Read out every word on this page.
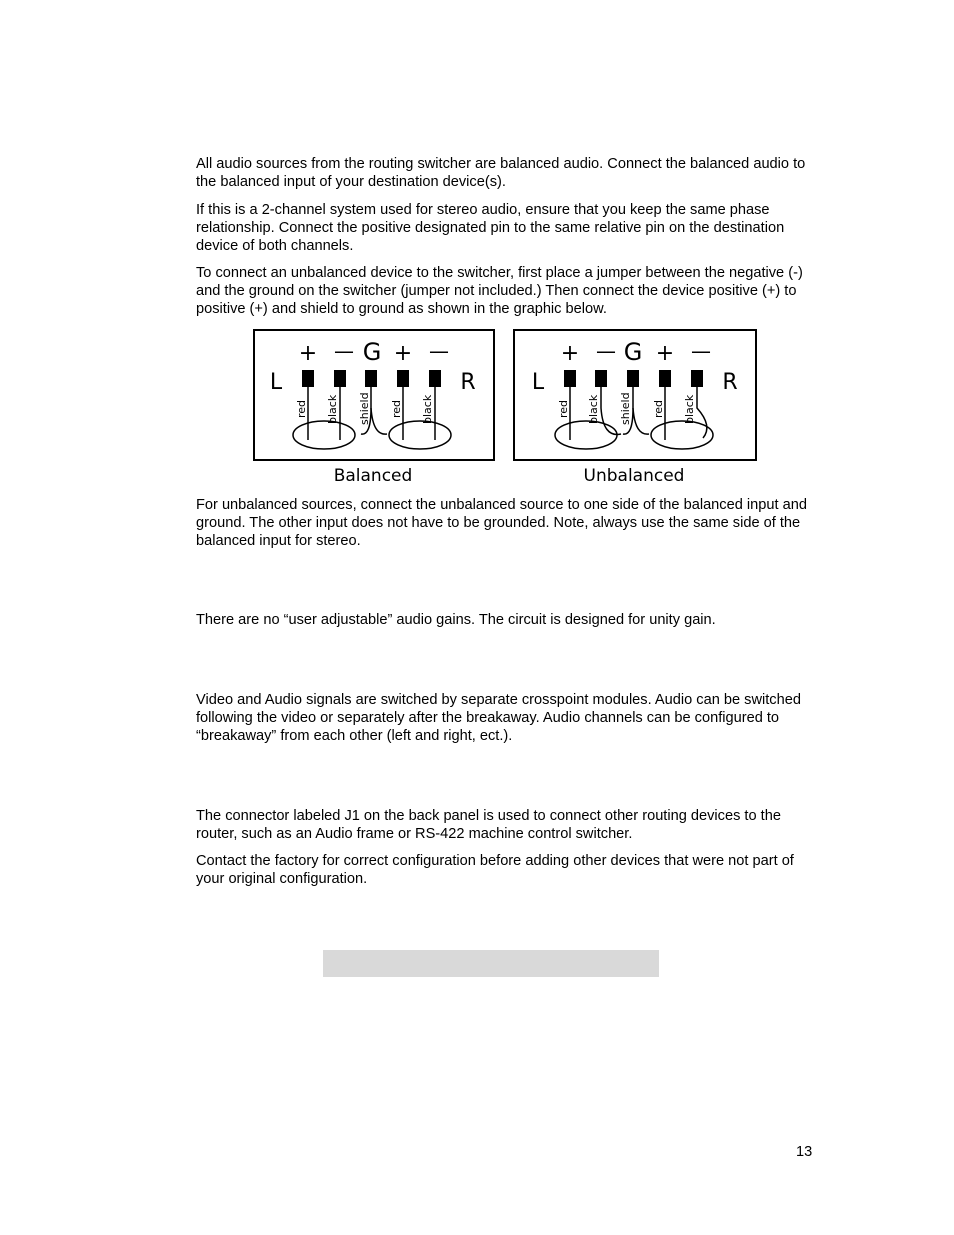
All audio sources from the routing switcher are balanced audio. Connect the balanced audio to the balanced input of your destination device(s).

If this is a 2-channel system used for stereo audio, ensure that you keep the same phase relationship. Connect the positive designated pin to the same relative pin on the destination device of both channels.

To connect an unbalanced device to the switcher, first place a jumper between the negative (-) and the ground on the switcher (jumper not included.) Then connect the device positive (+) to positive (+) and shield to ground as shown in the graphic below.

+ — G + —
L	R
red black shield red black
Balanced
+ — G + —
L	R
red black shield red black
Unbalanced

For unbalanced sources, connect the unbalanced source to one side of the balanced input and ground. The other input does not have to be grounded. Note, always use the same side of the balanced input for stereo.

There are no “user adjustable” audio gains. The circuit is designed for unity gain.

Video and Audio signals are switched by separate crosspoint modules. Audio can be switched following the video or separately after the breakaway. Audio channels can be configured to “breakaway” from each other (left and right, ect.).

The connector labeled J1 on the back panel is used to connect other routing devices to the router, such as an Audio frame or RS-422 machine control switcher.

Contact the factory for correct configuration before adding other devices that were not part of your original configuration.

13
